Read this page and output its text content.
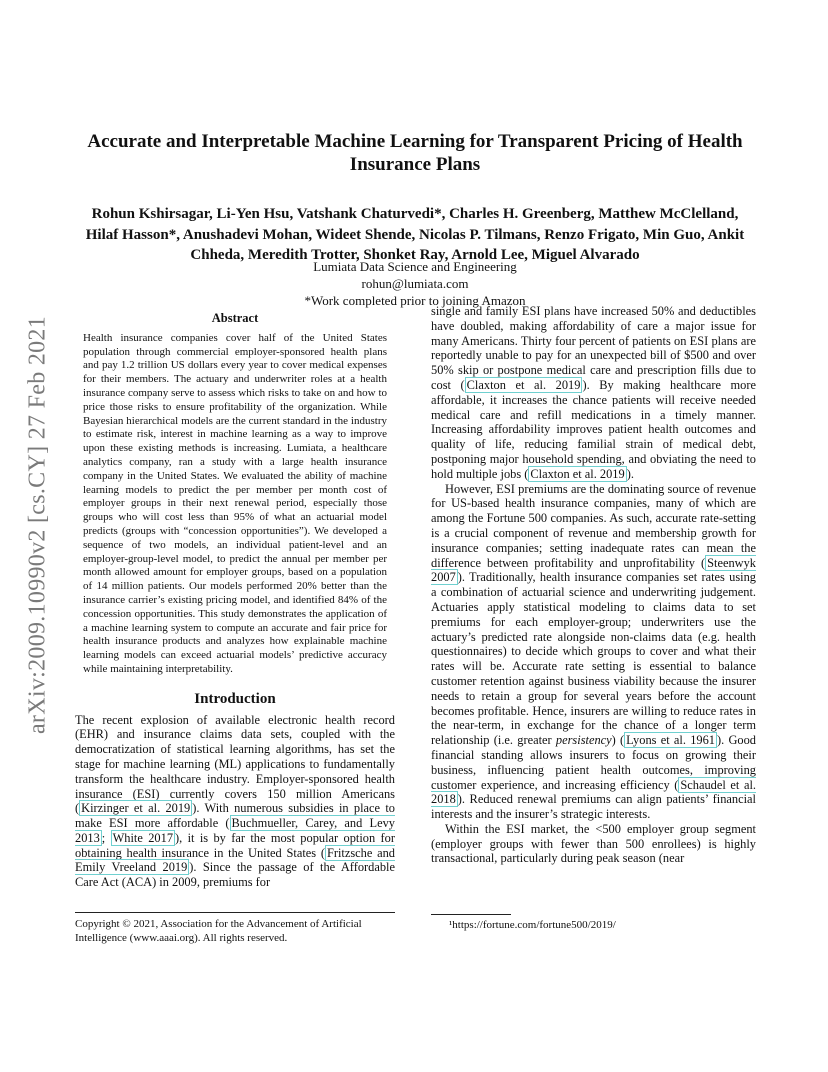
arXiv:2009.10990v2 [cs.CY] 27 Feb 2021
Accurate and Interpretable Machine Learning for Transparent Pricing of Health Insurance Plans
Rohun Kshirsagar, Li-Yen Hsu, Vatshank Chaturvedi*, Charles H. Greenberg, Matthew McClelland, Hilaf Hasson*, Anushadevi Mohan, Wideet Shende, Nicolas P. Tilmans, Renzo Frigato, Min Guo, Ankit Chheda, Meredith Trotter, Shonket Ray, Arnold Lee, Miguel Alvarado
Lumiata Data Science and Engineering
rohun@lumiata.com
*Work completed prior to joining Amazon
Abstract

Health insurance companies cover half of the United States population through commercial employer-sponsored health plans and pay 1.2 trillion US dollars every year to cover medical expenses for their members. The actuary and underwriter roles at a health insurance company serve to assess which risks to take on and how to price those risks to ensure profitability of the organization. While Bayesian hierarchical models are the current standard in the industry to estimate risk, interest in machine learning as a way to improve upon these existing methods is increasing. Lumiata, a healthcare analytics company, ran a study with a large health insurance company in the United States. We evaluated the ability of machine learning models to predict the per member per month cost of employer groups in their next renewal period, especially those groups who will cost less than 95% of what an actuarial model predicts (groups with “concession opportunities”). We developed a sequence of two models, an individual patient-level and an employer-group-level model, to predict the annual per member per month allowed amount for employer groups, based on a population of 14 million patients. Our models performed 20% better than the insurance carrier’s existing pricing model, and identified 84% of the concession opportunities. This study demonstrates the application of a machine learning system to compute an accurate and fair price for health insurance products and analyzes how explainable machine learning models can exceed actuarial models’ predictive accuracy while maintaining interpretability.

Introduction

The recent explosion of available electronic health record (EHR) and insurance claims data sets, coupled with the democratization of statistical learning algorithms, has set the stage for machine learning (ML) applications to fundamentally transform the healthcare industry. Employer-sponsored health insurance (ESI) currently covers 150 million Americans ( Kirzinger et al. 2019 ). With numerous subsidies in place to make ESI more affordable ( Buchmueller, Carey, and Levy 2013 ; White 2017 ), it is by far the most popular option for obtaining health insurance in the United States ( Fritzsche and Emily Vreeland 2019 ). Since the passage of the Affordable Care Act (ACA) in 2009, premiums for

single and family ESI plans have increased 50% and deductibles have doubled, making affordability of care a major issue for many Americans. Thirty four percent of patients on ESI plans are reportedly unable to pay for an unexpected bill of $500 and over 50% skip or postpone medical care and prescription fills due to cost ( Claxton et al. 2019 ). By making healthcare more affordable, it increases the chance patients will receive needed medical care and refill medications in a timely manner. Increasing affordability improves patient health outcomes and quality of life, reducing familial strain of medical debt, postponing major household spending, and obviating the need to hold multiple jobs ( Claxton et al. 2019 ).

However, ESI premiums are the dominating source of revenue for US-based health insurance companies, many of which are among the Fortune 500 companies. As such, accurate rate-setting is a crucial component of revenue and membership growth for insurance companies; setting inadequate rates can mean the difference between profitability and unprofitability ( Steenwyk 2007 ). Traditionally, health insurance companies set rates using a combination of actuarial science and underwriting judgement. Actuaries apply statistical modeling to claims data to set premiums for each employer-group; underwriters use the actuary’s predicted rate alongside non-claims data (e.g. health questionnaires) to decide which groups to cover and what their rates will be. Accurate rate setting is essential to balance customer retention against business viability because the insurer needs to retain a group for several years before the account becomes profitable. Hence, insurers are willing to reduce rates in the near-term, in exchange for the chance of a longer term relationship (i.e. greater persistency) ( Lyons et al. 1961 ). Good financial standing allows insurers to focus on growing their business, influencing patient health outcomes, improving customer experience, and increasing efficiency ( Schaudel et al. 2018 ). Reduced renewal premiums can align patients’ financial interests and the insurer’s strategic interests.

Within the ESI market, the <500 employer group segment (employer groups with fewer than 500 enrollees) is highly transactional, particularly during peak season (near

Copyright © 2021, Association for the Advancement of Artificial Intelligence (www.aaai.org). All rights reserved.
¹https://fortune.com/fortune500/2019/
